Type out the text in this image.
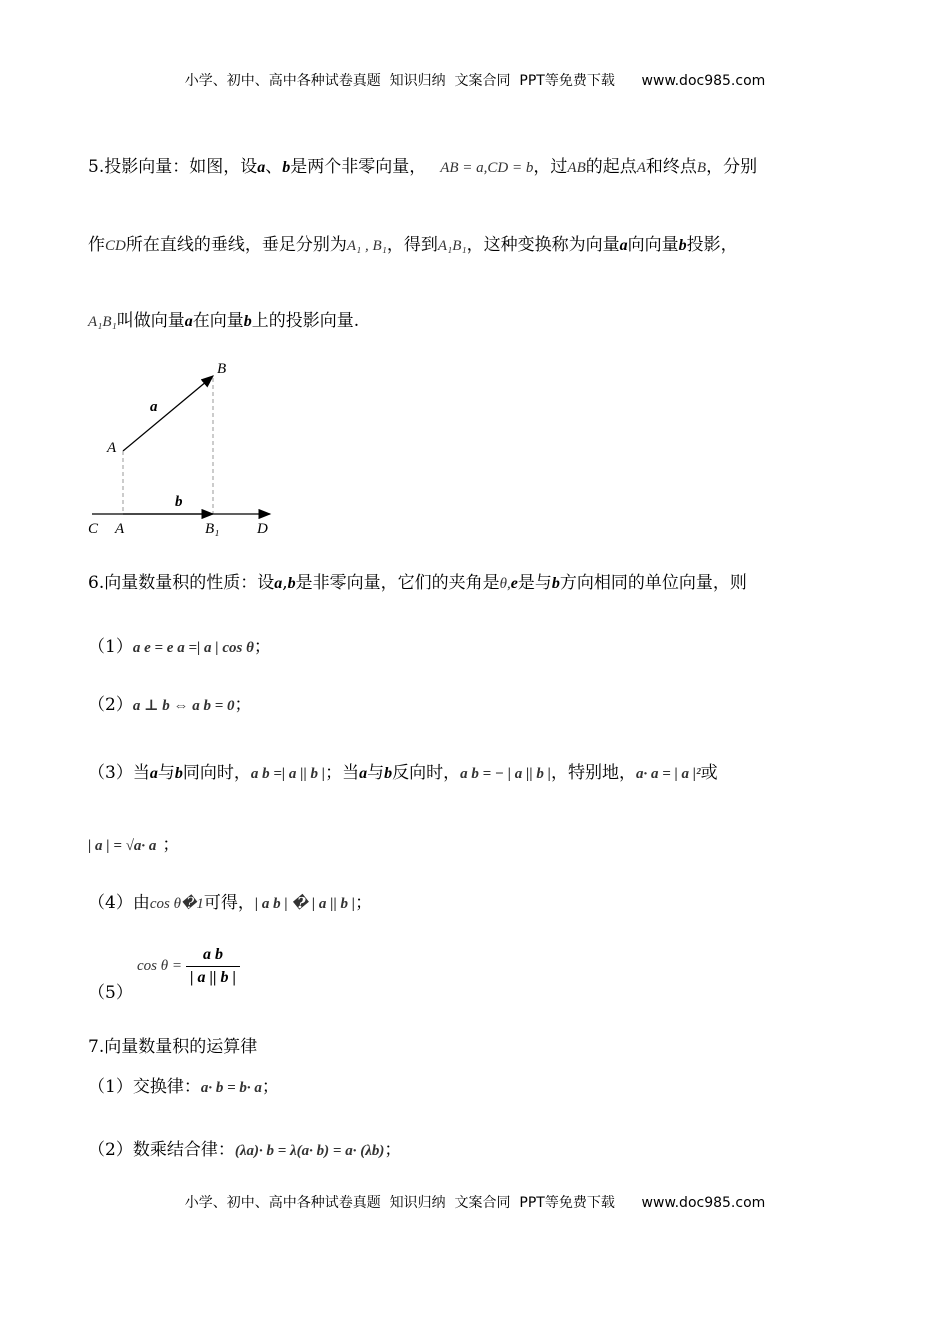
小学、初中、高中各种试卷真题  知识归纳  文案合同  PPT等免费下载      www.doc985.com
5.投影向量：如图，设a、b是两个非零向量， AB = a,CD = b，过AB的起点A和终点B，分别
作CD所在直线的垂线，垂足分别为A₁ , B₁，得到A₁B₁，这种变换称为向量a向向量b投影，
A₁B₁叫做向量a在向量b上的投影向量.
B
a
A
b
C A	B₁	D
6.向量数量积的性质：设a,b是非零向量，它们的夹角是θ,e是与b方向相同的单位向量，则
（1）a e = e a =| a | cos θ；
（2）a ⊥ b ⇔ a b = 0；
（3）当a与b同向时，a b =| a || b |；当a与b反向时，a b = − | a || b |，特别地，a· a = | a |²或
| a | = √a· a ；
（4）由cos θ�1可得，| a b | � | a || b |；
（5）
$\cos \theta = \frac{\text{a b}}{| a || b |}$
7.向量数量积的运算律
（1）交换律：a· b = b· a；
（2）数乘结合律：(λa)· b = λ(a· b) = a· (λb)；
小学、初中、高中各种试卷真题  知识归纳  文案合同  PPT等免费下载      www.doc985.com
